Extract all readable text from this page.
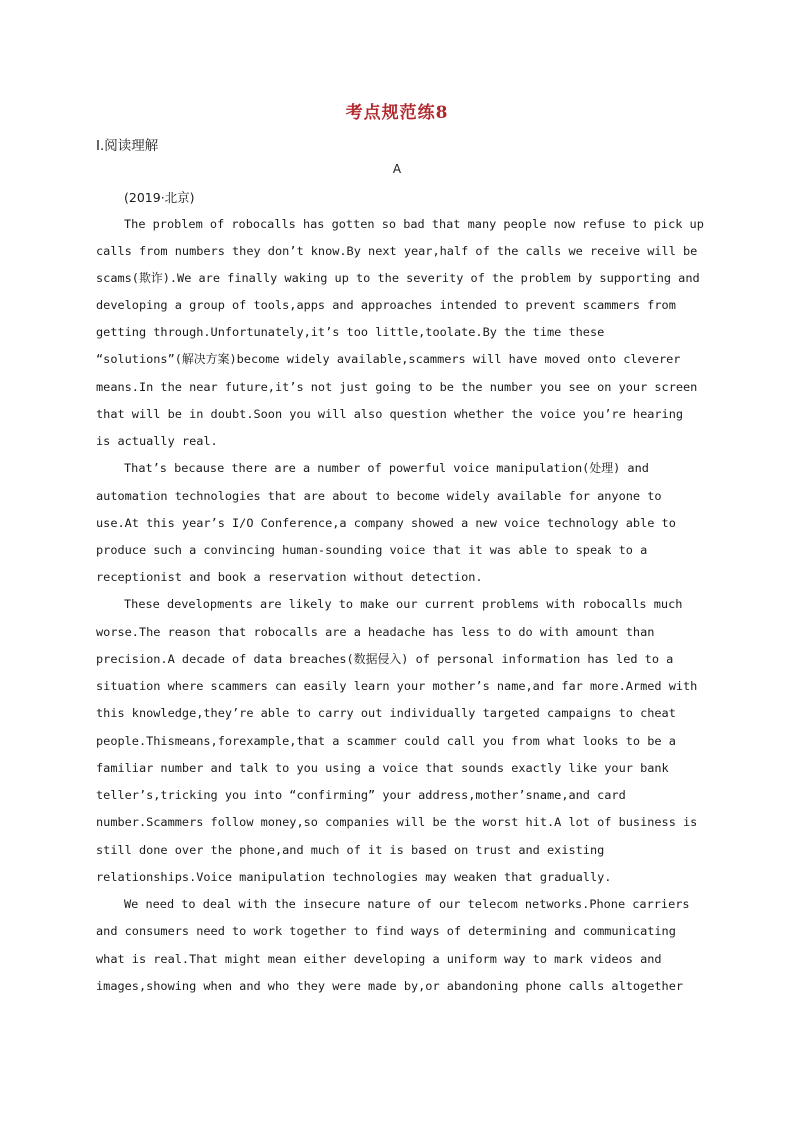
考点规范练8
Ⅰ.阅读理解
A
(2019·北京)
The problem of robocalls has gotten so bad that many people now refuse to pick up
calls from numbers they don’t know.By next year,half of the calls we receive will be
scams(欺诈).We are finally waking up to the severity of the problem by supporting and
developing a group of tools,apps and approaches intended to prevent scammers from
getting through.Unfortunately,it’s too little,toolate.By the time these
“solutions”(解决方案)become widely available,scammers will have moved onto cleverer
means.In the near future,it’s not just going to be the number you see on your screen
that will be in doubt.Soon you will also question whether the voice you’re hearing
is actually real.
That’s because there are a number of powerful voice manipulation(处理) and
automation technologies that are about to become widely available for anyone to
use.At this year’s I/O Conference,a company showed a new voice technology able to
produce such a convincing human-sounding voice that it was able to speak to a
receptionist and book a reservation without detection.
These developments are likely to make our current problems with robocalls much
worse.The reason that robocalls are a headache has less to do with amount than
precision.A decade of data breaches(数据侵入) of personal information has led to a
situation where scammers can easily learn your mother’s name,and far more.Armed with
this knowledge,they’re able to carry out individually targeted campaigns to cheat
people.Thismeans,forexample,that a scammer could call you from what looks to be a
familiar number and talk to you using a voice that sounds exactly like your bank
teller’s,tricking you into “confirming” your address,mother’sname,and card
number.Scammers follow money,so companies will be the worst hit.A lot of business is
still done over the phone,and much of it is based on trust and existing
relationships.Voice manipulation technologies may weaken that gradually.
We need to deal with the insecure nature of our telecom networks.Phone carriers
and consumers need to work together to find ways of determining and communicating
what is real.That might mean either developing a uniform way to mark videos and
images,showing when and who they were made by,or abandoning phone calls altogether
